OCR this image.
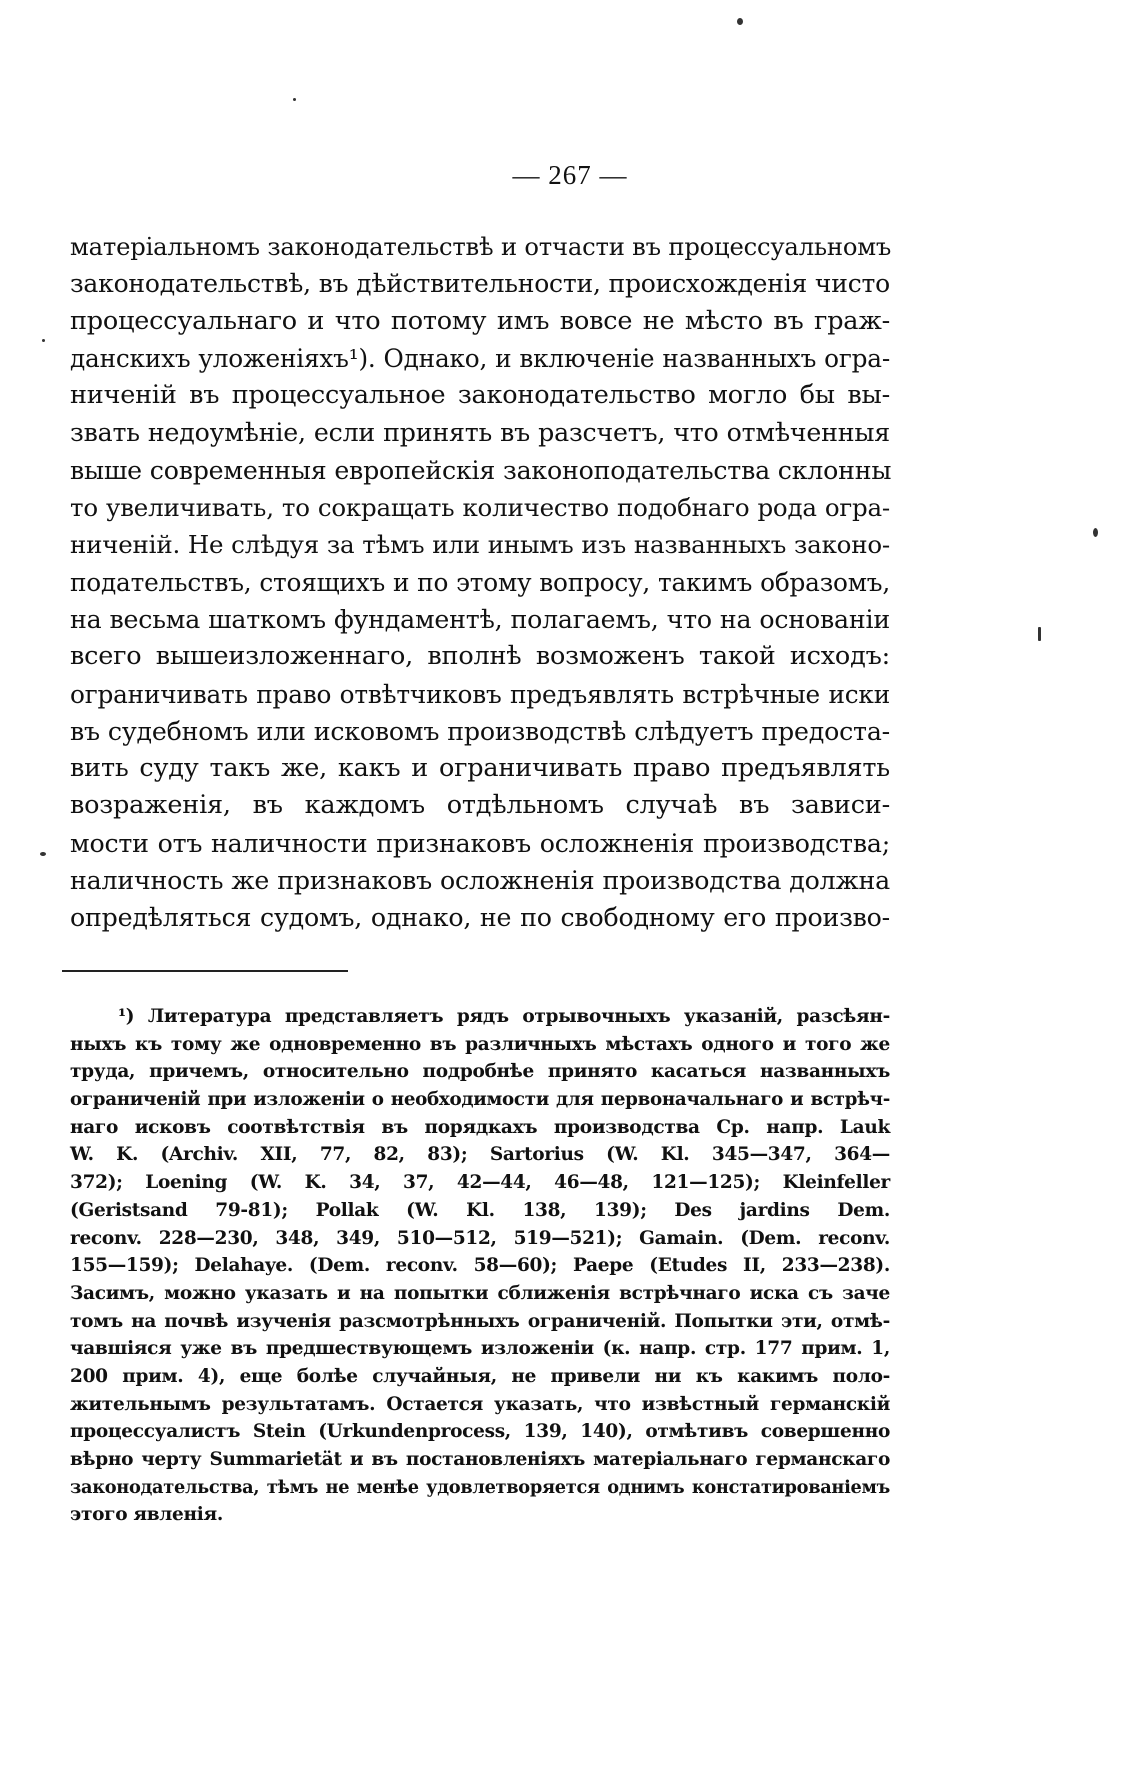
— 267 —
матеріальномъ законодательствѣ и отчасти въ процессуальномъ
законодательствѣ, въ дѣйствительности, происхожденія чисто
процессуальнаго и что потому имъ вовсе не мѣсто въ граж-
данскихъ уложеніяхъ¹). Однако, и включеніе названныхъ огра-
ниченій въ процессуальное законодательство могло бы вы-
звать недоумѣніе, если принять въ разсчетъ, что отмѣченныя
выше современныя европейскія законоподательства склонны
то увеличивать, то сокращать количество подобнаго рода огра-
ниченій. Не слѣдуя за тѣмъ или инымъ изъ названныхъ законо-
подательствъ, стоящихъ и по этому вопросу, такимъ образомъ,
на весьма шаткомъ фундаментѣ, полагаемъ, что на основаніи
всего вышеизложеннаго, вполнѣ возможенъ такой исходъ:
ограничивать право отвѣтчиковъ предъявлять встрѣчные иски
въ судебномъ или исковомъ производствѣ слѣдуетъ предоста-
вить суду такъ же, какъ и ограничивать право предъявлять
возраженія, въ каждомъ отдѣльномъ случаѣ въ зависи-
мости отъ наличности признаковъ осложненія производства;
наличность же признаковъ осложненія производства должна
опредѣляться судомъ, однако, не по свободному его произво-
¹) Литература представляетъ рядъ отрывочныхъ указаній, разсѣян-
ныхъ къ тому же одновременно въ различныхъ мѣстахъ одного и того же
труда, причемъ, относительно подробнѣе принято касаться названныхъ
ограниченій при изложеніи о необходимости для первоначальнаго и встрѣч-
наго исковъ соотвѣтствія въ порядкахъ производства Ср. напр. Lauk
W. K. (Archiv. XII, 77, 82, 83); Sartorius (W. Kl. 345—347, 364—
372); Loening (W. K. 34, 37, 42—44, 46—48, 121—125); Kleinfeller
(Geristsand 79-81); Pollak (W. Kl. 138, 139); Des jardins Dem.
reconv. 228—230, 348, 349, 510—512, 519—521); Gamain. (Dem. reconv.
155—159); Delahaye. (Dem. reconv. 58—60); Paepe (Etudes II, 233—238).
Засимъ, можно указать и на попытки сближенія встрѣчнаго иска съ заче
томъ на почвѣ изученія разсмотрѣнныхъ ограниченій. Попытки эти, отмѣ-
чавшіяся уже въ предшествующемъ изложеніи (к. напр. стр. 177 прим. 1,
200 прим. 4), еще болѣе случайныя, не привели ни къ какимъ поло-
жительнымъ результатамъ. Остается указать, что извѣстный германскій
процессуалистъ Stein (Urkundenprocess, 139, 140), отмѣтивъ совершенно
вѣрно черту Summarietät и въ постановленіяхъ матеріальнаго германскаго
законодательства, тѣмъ не менѣе удовлетворяется однимъ констатированіемъ
этого явленія.
